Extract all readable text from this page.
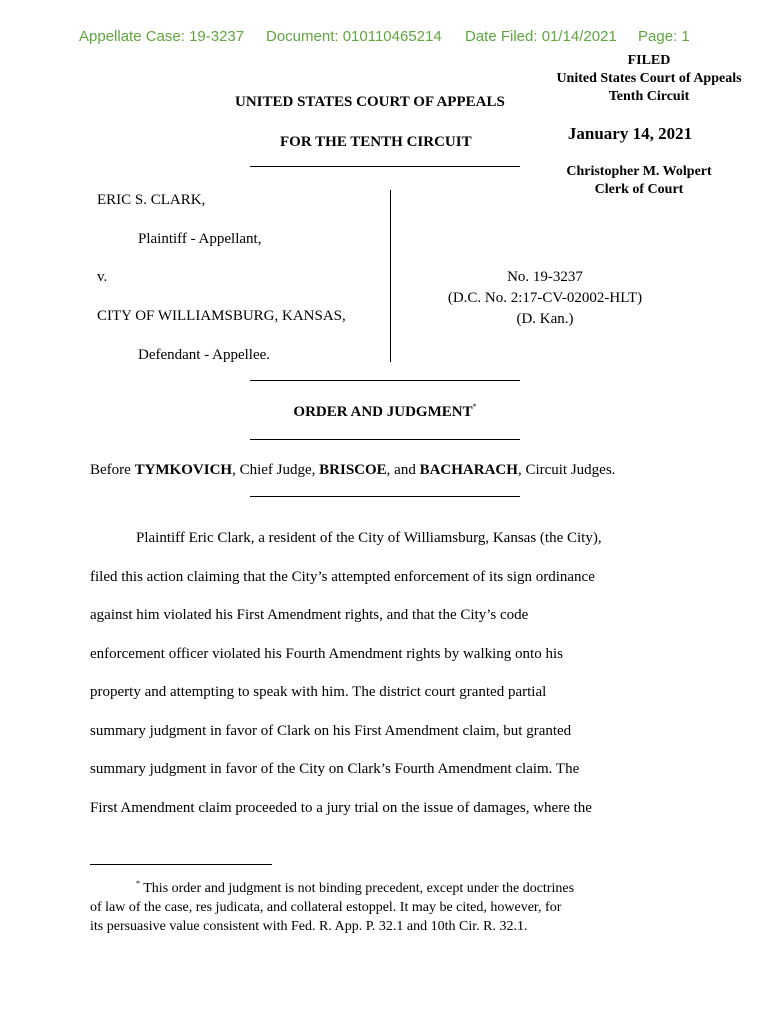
Appellate Case: 19-3237 Document: 010110465214 Date Filed: 01/14/2021 Page: 1
FILED
United States Court of Appeals
Tenth Circuit
January 14, 2021
Christopher M. Wolpert
Clerk of Court
UNITED STATES COURT OF APPEALS
FOR THE TENTH CIRCUIT
ERIC S. CLARK,
Plaintiff - Appellant,
v.
CITY OF WILLIAMSBURG, KANSAS,
Defendant - Appellee.
No. 19-3237
(D.C. No. 2:17-CV-02002-HLT)
(D. Kan.)
ORDER AND JUDGMENT*
Before TYMKOVICH, Chief Judge, BRISCOE, and BACHARACH, Circuit Judges.

Plaintiff Eric Clark, a resident of the City of Williamsburg, Kansas (the City),

filed this action claiming that the City’s attempted enforcement of its sign ordinance

against him violated his First Amendment rights, and that the City’s code

enforcement officer violated his Fourth Amendment rights by walking onto his

property and attempting to speak with him. The district court granted partial

summary judgment in favor of Clark on his First Amendment claim, but granted

summary judgment in favor of the City on Clark’s Fourth Amendment claim. The

First Amendment claim proceeded to a jury trial on the issue of damages, where the

* This order and judgment is not binding precedent, except under the doctrines
of law of the case, res judicata, and collateral estoppel. It may be cited, however, for
its persuasive value consistent with Fed. R. App. P. 32.1 and 10th Cir. R. 32.1.
